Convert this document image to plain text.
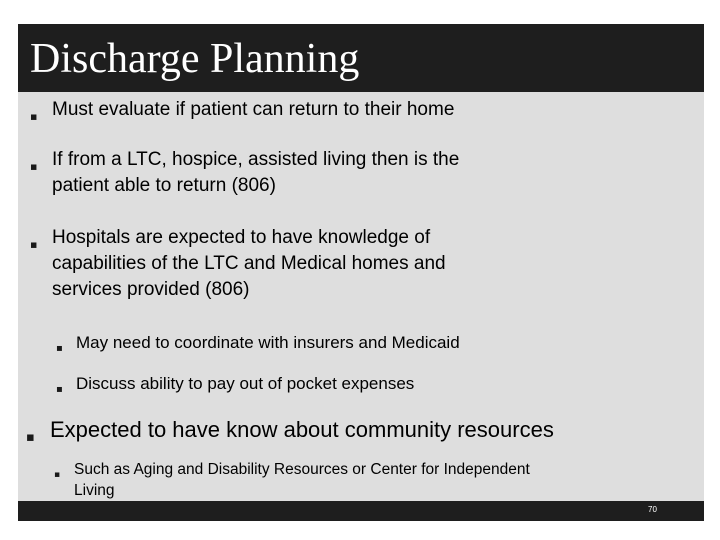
Discharge Planning
▪ Must evaluate if patient can return to their home
▪ If from a LTC, hospice, assisted living then is the
patient able to return (806)
▪ Hospitals are expected to have knowledge of
capabilities of the LTC and Medical homes and
services provided (806)
▪ May need to coordinate with insurers and Medicaid
▪ Discuss ability to pay out of pocket expenses
▪ Expected to have know about community resources
▪ Such as Aging and Disability Resources or Center for Independent
Living
70
